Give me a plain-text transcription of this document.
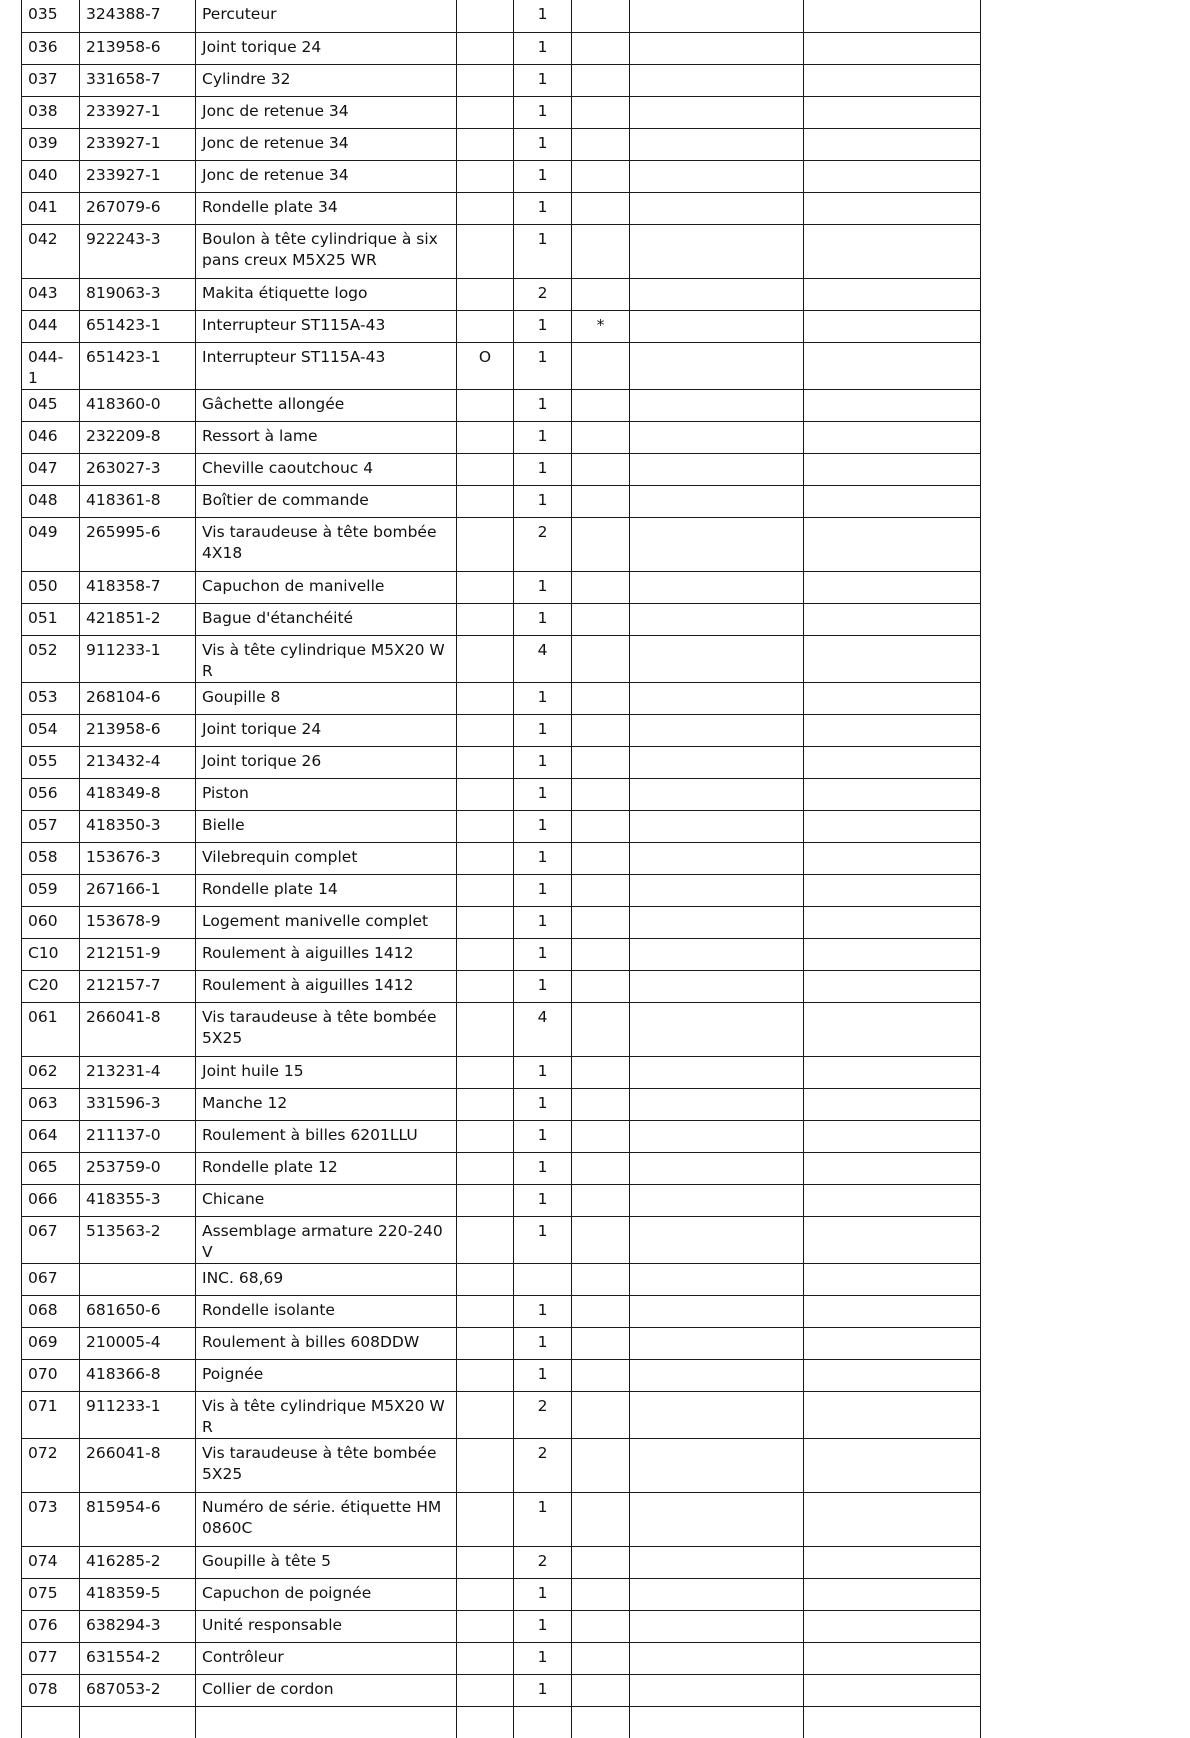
035	324388-7	Percuteur		1			
036	213958-6	Joint torique 24		1			
037	331658-7	Cylindre 32		1			
038	233927-1	Jonc de retenue 34		1			
039	233927-1	Jonc de retenue 34		1			
040	233927-1	Jonc de retenue 34		1			
041	267079-6	Rondelle plate 34		1			
042	922243-3	Boulon à tête cylindrique à six pans creux M5X25 WR		1			
043	819063-3	Makita étiquette logo		2			
044	651423-1	Interrupteur ST115A-43		1	*		
044-1	651423-1	Interrupteur ST115A-43	O	1			
045	418360-0	Gâchette allongée		1			
046	232209-8	Ressort à lame		1			
047	263027-3	Cheville caoutchouc 4		1			
048	418361-8	Boîtier de commande		1			
049	265995-6	Vis taraudeuse à tête bombée 4X18		2			
050	418358-7	Capuchon de manivelle		1			
051	421851-2	Bague d'étanchéité		1			
052	911233-1	Vis à tête cylindrique M5X20 WR		4			
053	268104-6	Goupille 8		1			
054	213958-6	Joint torique 24		1			
055	213432-4	Joint torique 26		1			
056	418349-8	Piston		1			
057	418350-3	Bielle		1			
058	153676-3	Vilebrequin complet		1			
059	267166-1	Rondelle plate 14		1			
060	153678-9	Logement manivelle complet		1			
C10	212151-9	Roulement à aiguilles 1412		1			
C20	212157-7	Roulement à aiguilles 1412		1			
061	266041-8	Vis taraudeuse à tête bombée 5X25		4			
062	213231-4	Joint huile 15		1			
063	331596-3	Manche 12		1			
064	211137-0	Roulement à billes 6201LLU		1			
065	253759-0	Rondelle plate 12		1			
066	418355-3	Chicane		1			
067	513563-2	Assemblage armature 220-240V		1			
067		INC. 68,69					
068	681650-6	Rondelle isolante		1			
069	210005-4	Roulement à billes 608DDW		1			
070	418366-8	Poignée		1			
071	911233-1	Vis à tête cylindrique M5X20 WR		2			
072	266041-8	Vis taraudeuse à tête bombée 5X25		2			
073	815954-6	Numéro de série. étiquette HM0860C		1			
074	416285-2	Goupille à tête 5		2			
075	418359-5	Capuchon de poignée		1			
076	638294-3	Unité responsable		1			
077	631554-2	Contrôleur		1			
078	687053-2	Collier de cordon		1			
